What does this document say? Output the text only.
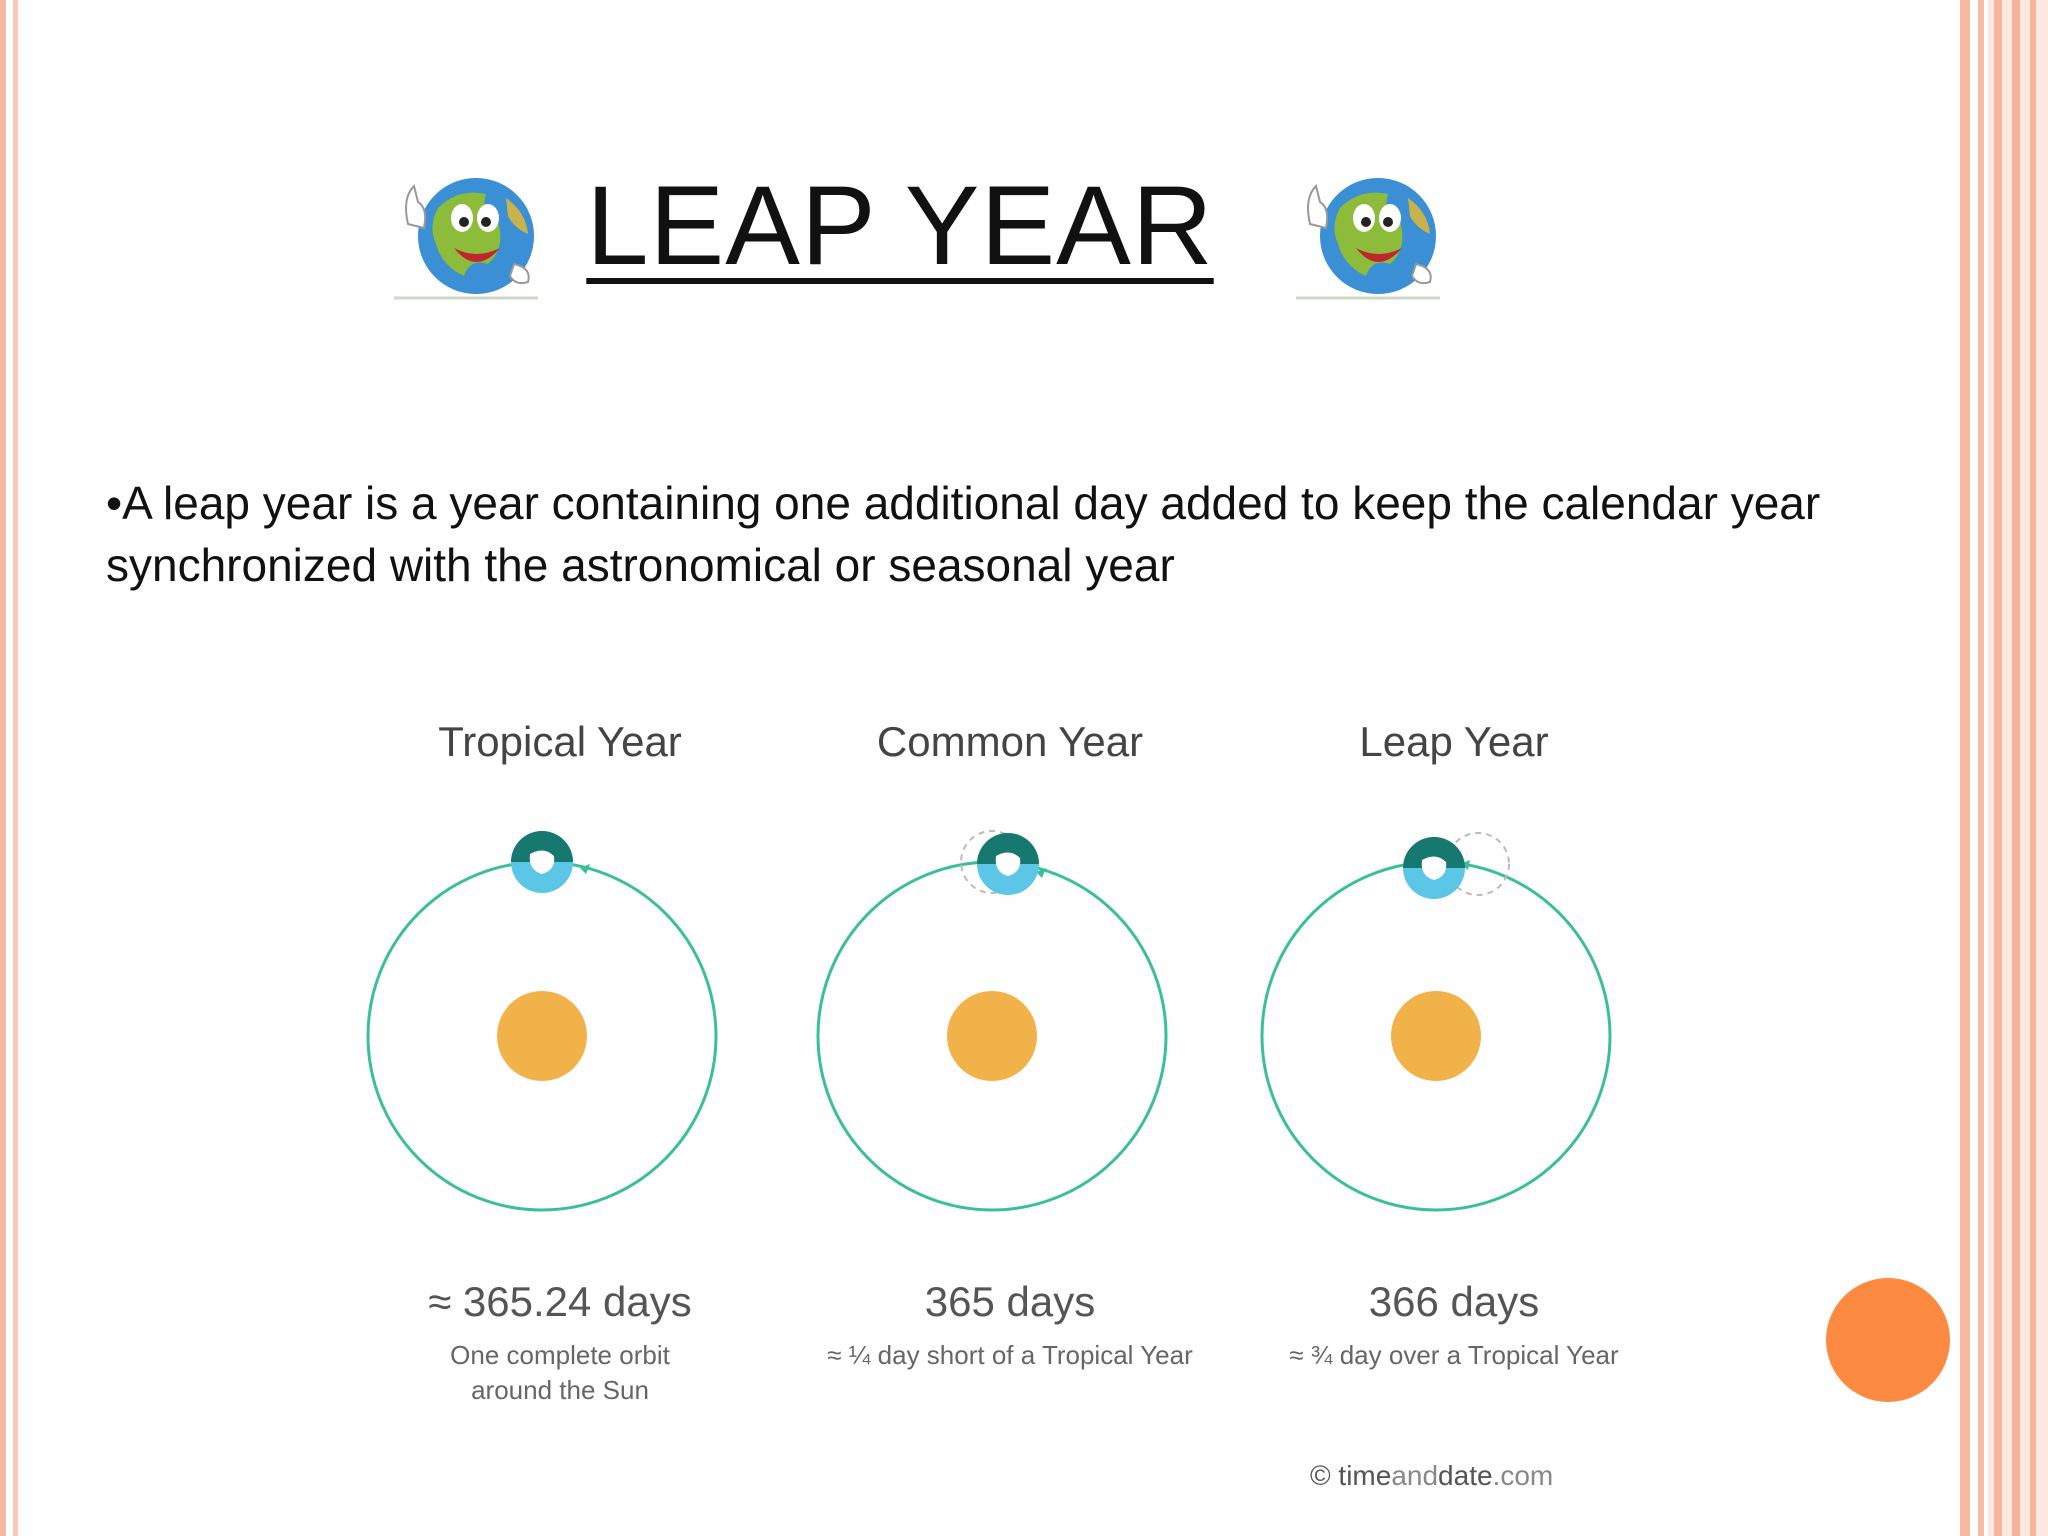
LEAP YEAR
•A leap year is a year containing one additional day added to keep the calendar year synchronized with the astronomical or seasonal year
Tropical Year
≈ 365.24 days
One complete orbit
around the Sun
Common Year
365 days
≈ ¼ day short of a Tropical Year
Leap Year
366 days
≈ ¾ day over a Tropical Year
© timeanddate.com
